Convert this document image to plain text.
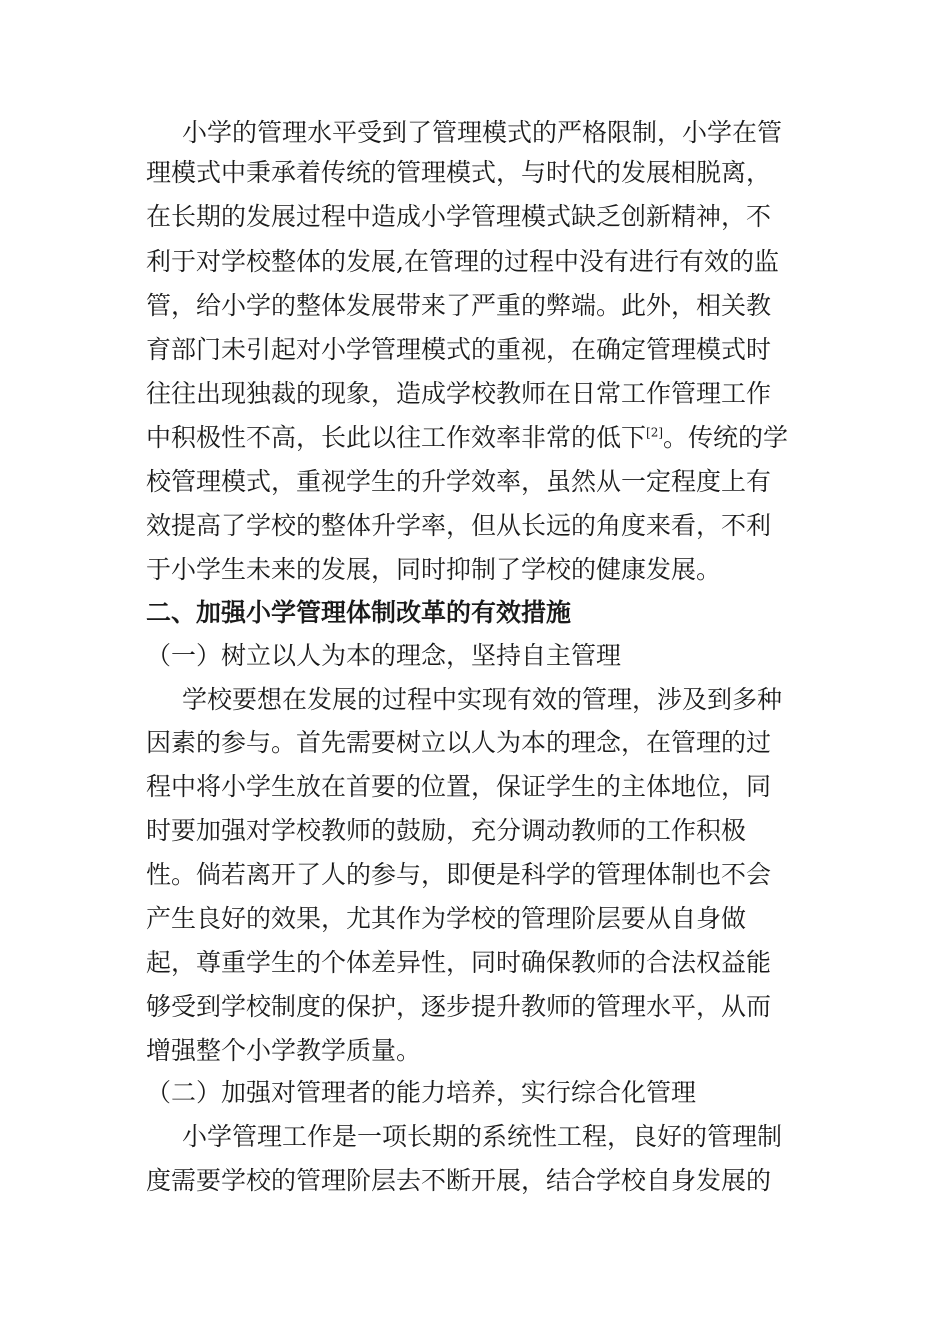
小学的管理水平受到了管理模式的严格限制，小学在管
理模式中秉承着传统的管理模式，与时代的发展相脱离，
在长期的发展过程中造成小学管理模式缺乏创新精神，不
利于对学校整体的发展,在管理的过程中没有进行有效的监
管，给小学的整体发展带来了严重的弊端。此外，相关教
育部门未引起对小学管理模式的重视，在确定管理模式时
往往出现独裁的现象，造成学校教师在日常工作管理工作
中积极性不高，长此以往工作效率非常的低下[2]。传统的学
校管理模式，重视学生的升学效率，虽然从一定程度上有
效提高了学校的整体升学率，但从长远的角度来看，不利
于小学生未来的发展，同时抑制了学校的健康发展。
二、加强小学管理体制改革的有效措施
（一）树立以人为本的理念，坚持自主管理
学校要想在发展的过程中实现有效的管理，涉及到多种
因素的参与。首先需要树立以人为本的理念，在管理的过
程中将小学生放在首要的位置，保证学生的主体地位，同
时要加强对学校教师的鼓励，充分调动教师的工作积极
性。倘若离开了人的参与，即便是科学的管理体制也不会
产生良好的效果，尤其作为学校的管理阶层要从自身做
起，尊重学生的个体差异性，同时确保教师的合法权益能
够受到学校制度的保护，逐步提升教师的管理水平，从而
增强整个小学教学质量。
（二）加强对管理者的能力培养，实行综合化管理
小学管理工作是一项长期的系统性工程，良好的管理制
度需要学校的管理阶层去不断开展，结合学校自身发展的
